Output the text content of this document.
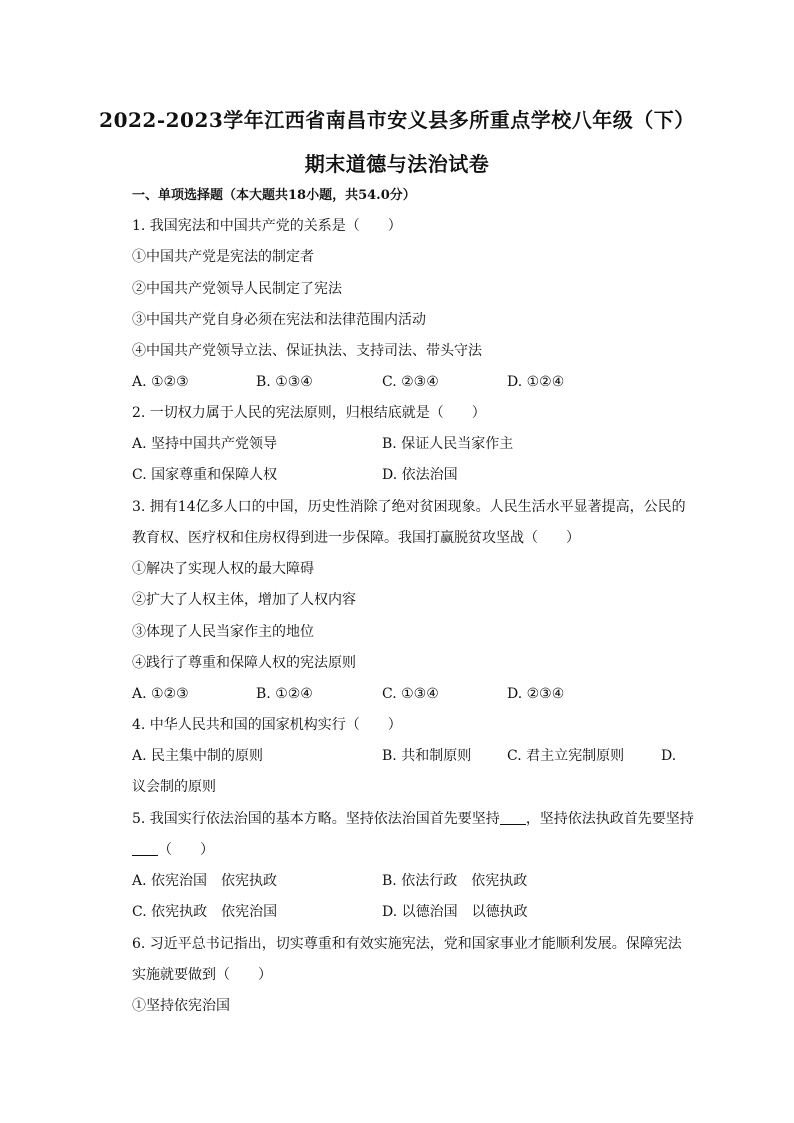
2022-2023学年江西省南昌市安义县多所重点学校八年级（下）
期末道德与法治试卷
一、单项选择题（本大题共18小题，共54.0分）
1. 我国宪法和中国共产党的关系是（　　）
①中国共产党是宪法的制定者
②中国共产党领导人民制定了宪法
③中国共产党自身必须在宪法和法律范围内活动
④中国共产党领导立法、保证执法、支持司法、带头守法
A. ①②③	B. ①③④	C. ②③④	D. ①②④
2. 一切权力属于人民的宪法原则，归根结底就是（　　）
A. 坚持中国共产党领导	B. 保证人民当家作主
C. 国家尊重和保障人权	D. 依法治国
3. 拥有14亿多人口的中国，历史性消除了绝对贫困现象。人民生活水平显著提高，公民的
教育权、医疗权和住房权得到进一步保障。我国打赢脱贫攻坚战（　　）
①解决了实现人权的最大障碍
②扩大了人权主体，增加了人权内容
③体现了人民当家作主的地位
④践行了尊重和保障人权的宪法原则
A. ①②③	B. ①②④	C. ①③④	D. ②③④
4. 中华人民共和国的国家机构实行（　　）
A. 民主集中制的原则	B. 共和制原则	C. 君主立宪制原则	D.
议会制的原则
5. 我国实行依法治国的基本方略。坚持依法治国首先要坚持 ，坚持依法执政首先要坚持
（　　）
A. 依宪治国　依宪执政	B. 依法行政　依宪执政
C. 依宪执政　依宪治国	D. 以德治国　以德执政
6. 习近平总书记指出，切实尊重和有效实施宪法，党和国家事业才能顺利发展。保障宪法
实施就要做到（　　）
①坚持依宪治国
